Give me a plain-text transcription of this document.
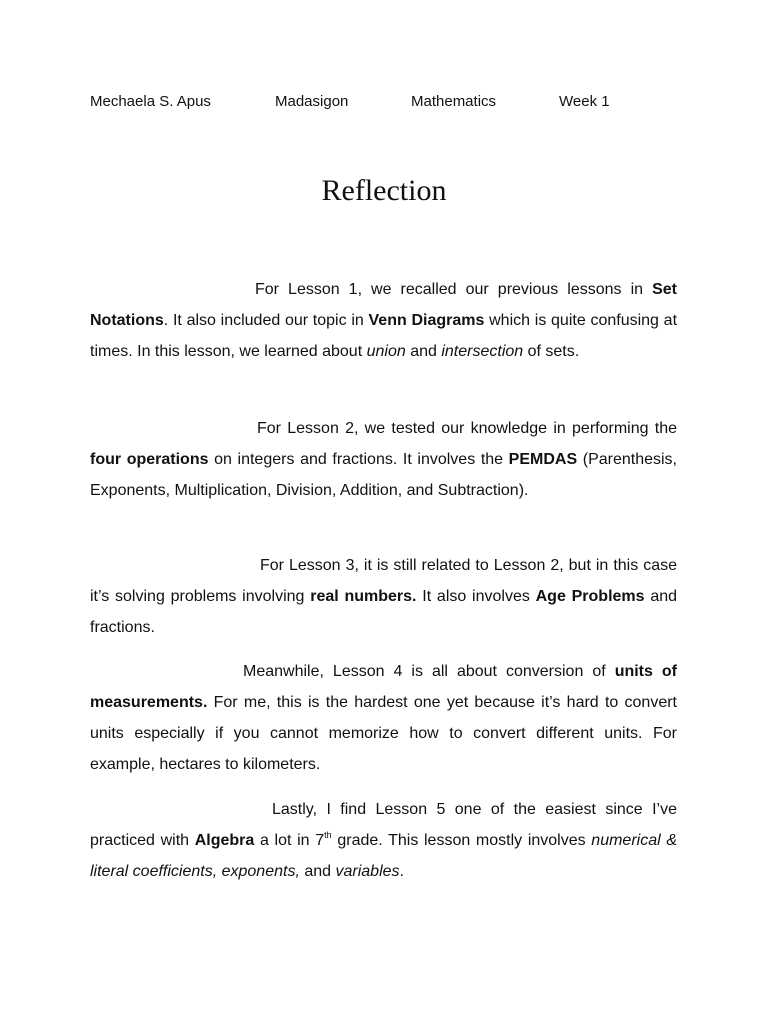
Mechaela S. Apus	Madasigon	Mathematics	Week 1
Reflection

For Lesson 1, we recalled our previous lessons in Set Notations. It also included our topic in Venn Diagrams which is quite confusing at times. In this lesson, we learned about union and intersection of sets.

For Lesson 2, we tested our knowledge in performing the four operations on integers and fractions. It involves the PEMDAS (Parenthesis, Exponents, Multiplication, Division, Addition, and Subtraction).

For Lesson 3, it is still related to Lesson 2, but in this case it’s solving problems involving real numbers. It also involves Age Problems and fractions.

Meanwhile, Lesson 4 is all about conversion of units of measurements. For me, this is the hardest one yet because it’s hard to convert units especially if you cannot memorize how to convert different units. For example, hectares to kilometers.

Lastly, I find Lesson 5 one of the easiest since I’ve practiced with Algebra a lot in 7th grade. This lesson mostly involves numerical & literal coefficients, exponents, and variables.
